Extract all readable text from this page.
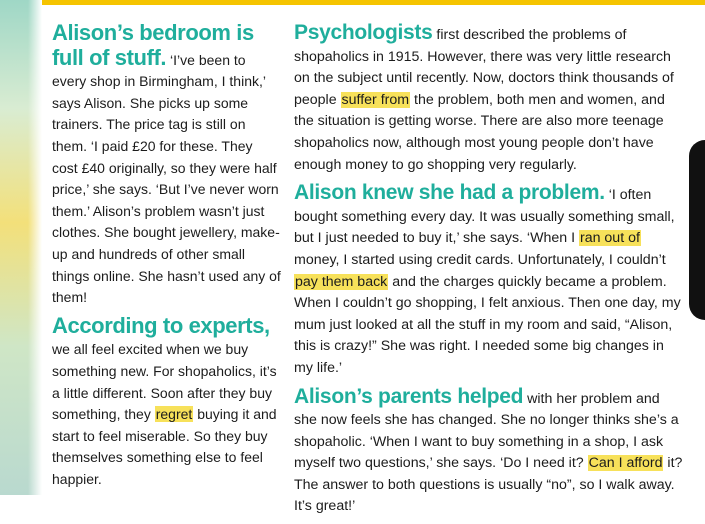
Alison’s bedroom is full of stuff. ‘I’ve been to every shop in Birmingham, I think,’ says Alison. She picks up some trainers. The price tag is still on them. ‘I paid £20 for these. They cost £40 originally, so they were half price,’ she says. ‘But I’ve never worn them.’ Alison’s problem wasn’t just clothes. She bought jewellery, make-up and hundreds of other small things online. She hasn’t used any of them!

According to experts, we all feel excited when we buy something new. For shopaholics, it’s a little different. Soon after they buy something, they regret buying it and start to feel miserable. So they buy themselves something else to feel happier.

Psychologists first described the problems of shopaholics in 1915. However, there was very little research on the subject until recently. Now, doctors think thousands of people suffer from the problem, both men and women, and the situation is getting worse. There are also more teenage shopaholics now, although most young people don’t have enough money to go shopping very regularly.

Alison knew she had a problem. ‘I often bought something every day. It was usually something small, but I just needed to buy it,’ she says. ‘When I ran out of money, I started using credit cards. Unfortunately, I couldn’t pay them back and the charges quickly became a problem. When I couldn’t go shopping, I felt anxious. Then one day, my mum just looked at all the stuff in my room and said, “Alison, this is crazy!” She was right. I needed some big changes in my life.’

Alison’s parents helped with her problem and she now feels she has changed. She no longer thinks she’s a shopaholic. ‘When I want to buy something in a shop, I ask myself two questions,’ she says. ‘Do I need it? Can I afford it? The answer to both questions is usually “no”, so I walk away. It’s great!’
